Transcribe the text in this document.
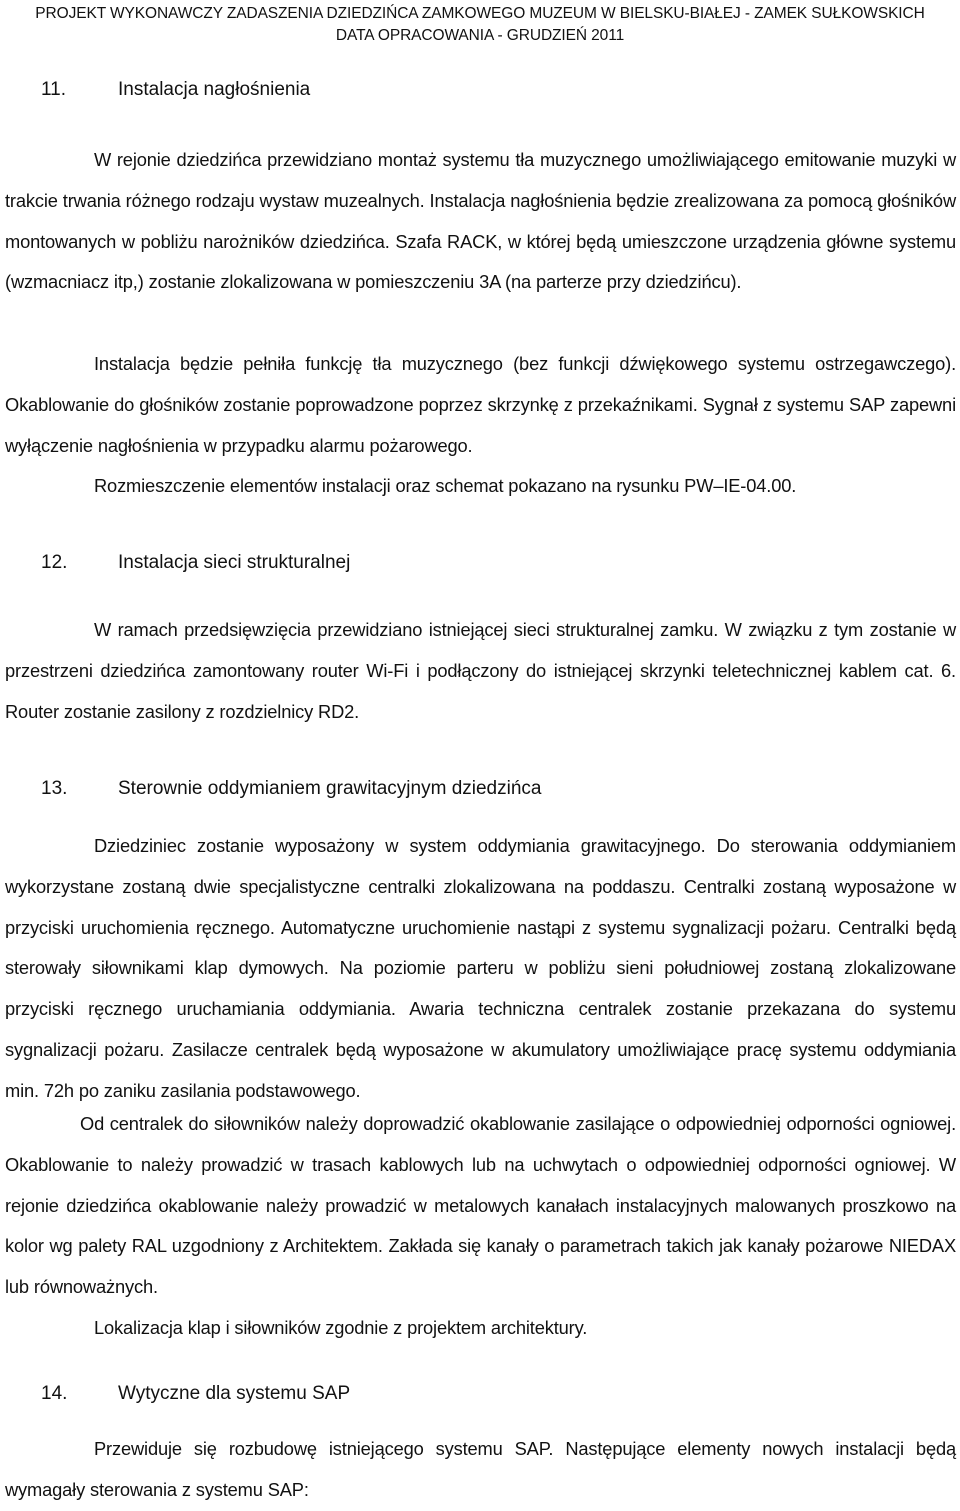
PROJEKT WYKONAWCZY ZADASZENIA DZIEDZIŃCA ZAMKOWEGO MUZEUM W BIELSKU-BIAŁEJ - ZAMEK SUŁKOWSKICH
DATA OPRACOWANIA - GRUDZIEŃ 2011
11.	Instalacja nagłośnienia

W rejonie dziedzińca przewidziano montaż systemu tła muzycznego umożliwiającego emitowanie muzyki w trakcie trwania różnego rodzaju wystaw muzealnych. Instalacja nagłośnienia będzie zrealizowana za pomocą głośników montowanych w pobliżu narożników dziedzińca. Szafa RACK, w której będą umieszczone urządzenia główne systemu (wzmacniacz itp,) zostanie zlokalizowana w pomieszczeniu 3A (na parterze przy dziedzińcu).

Instalacja będzie pełniła funkcję tła muzycznego (bez funkcji dźwiękowego systemu ostrzegawczego). Okablowanie do głośników zostanie poprowadzone poprzez skrzynkę z przekaźnikami. Sygnał z systemu SAP zapewni wyłączenie nagłośnienia w przypadku alarmu pożarowego.

Rozmieszczenie elementów instalacji oraz schemat pokazano na rysunku PW–IE-04.00.

12.	Instalacja sieci strukturalnej

W ramach przedsięwzięcia przewidziano istniejącej sieci strukturalnej zamku. W związku z tym zostanie w przestrzeni dziedzińca zamontowany router Wi-Fi i podłączony do istniejącej skrzynki teletechnicznej kablem cat. 6. Router zostanie zasilony z rozdzielnicy RD2.

13.	Sterownie oddymianiem grawitacyjnym dziedzińca

Dziedziniec zostanie wyposażony w system oddymiania grawitacyjnego. Do sterowania oddymianiem wykorzystane zostaną dwie specjalistyczne centralki zlokalizowana na poddaszu. Centralki zostaną wyposażone w przyciski uruchomienia ręcznego. Automatyczne uruchomienie nastąpi z systemu sygnalizacji pożaru. Centralki będą sterowały siłownikami klap dymowych. Na poziomie parteru w pobliżu sieni południowej zostaną zlokalizowane przyciski ręcznego uruchamiania oddymiania. Awaria techniczna centralek zostanie przekazana do systemu sygnalizacji pożaru. Zasilacze centralek będą wyposażone w akumulatory umożliwiające pracę systemu oddymiania min. 72h po zaniku zasilania podstawowego.

Od centralek do siłowników należy doprowadzić okablowanie zasilające o odpowiedniej odporności ogniowej. Okablowanie to należy prowadzić w trasach kablowych lub na uchwytach o odpowiedniej odporności ogniowej. W rejonie dziedzińca okablowanie należy prowadzić w metalowych kanałach instalacyjnych malowanych proszkowo na kolor wg palety RAL uzgodniony z Architektem. Zakłada się kanały o parametrach takich jak kanały pożarowe NIEDAX lub równoważnych.

Lokalizacja klap i siłowników zgodnie z projektem architektury.

14.	Wytyczne dla systemu SAP

Przewiduje się rozbudowę istniejącego systemu SAP. Następujące elementy nowych instalacji będą wymagały sterowania z systemu SAP:
